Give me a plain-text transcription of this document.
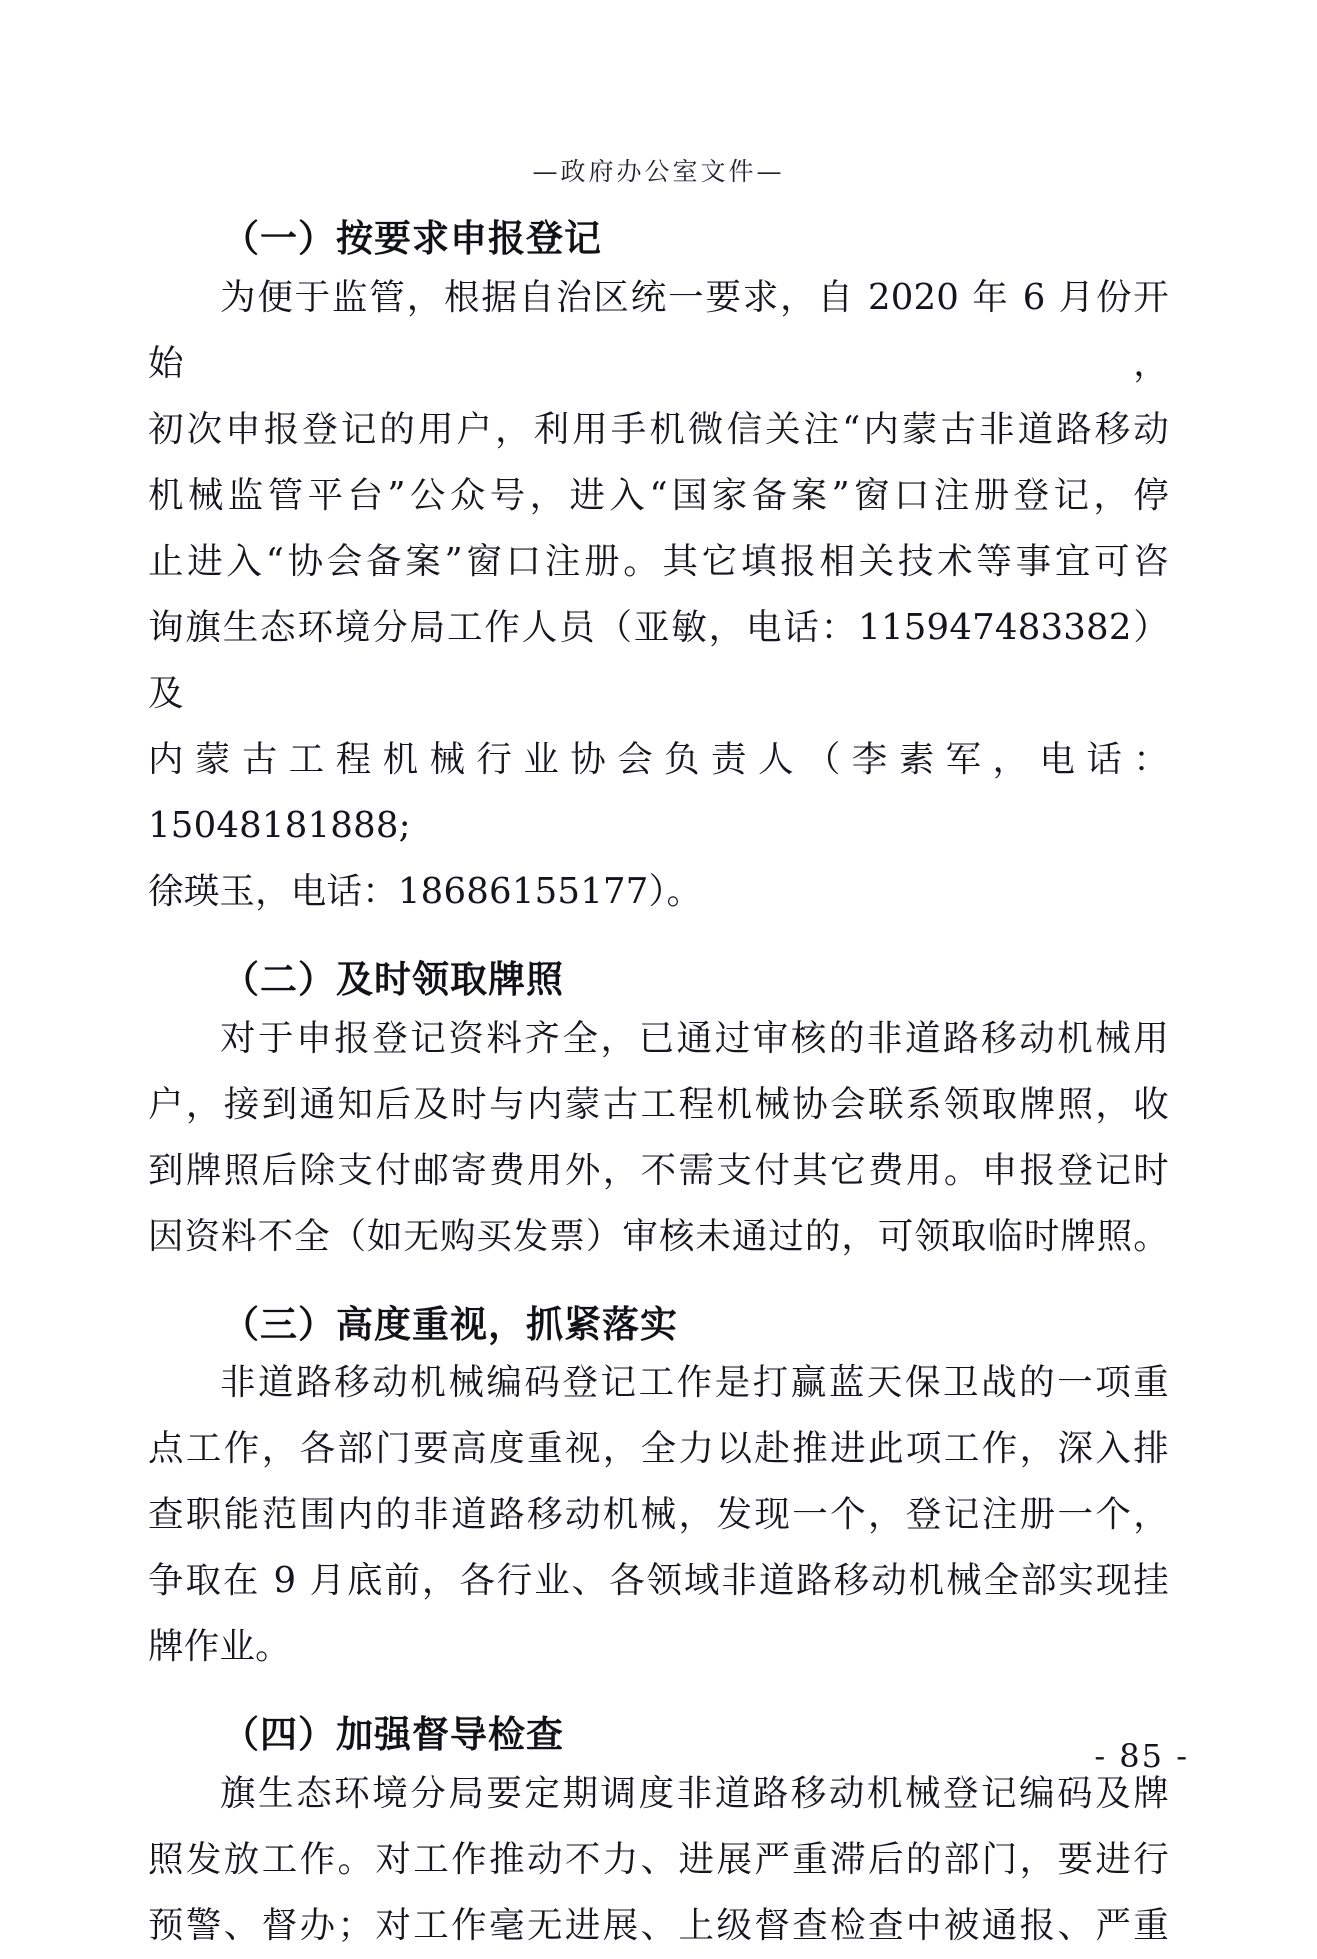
—政府办公室文件—
（一）按要求申报登记
为便于监管，根据自治区统一要求，自 2020 年 6 月份开始，
初次申报登记的用户，利用手机微信关注“内蒙古非道路移动
机械监管平台”公众号，进入“国家备案”窗口注册登记，停
止进入“协会备案”窗口注册。其它填报相关技术等事宜可咨
询旗生态环境分局工作人员（亚敏，电话：115947483382）及
内蒙古工程机械行业协会负责人（李素军，电话：15048181888;
徐瑛玉，电话：18686155177）。
（二）及时领取牌照
对于申报登记资料齐全，已通过审核的非道路移动机械用
户，接到通知后及时与内蒙古工程机械协会联系领取牌照，收
到牌照后除支付邮寄费用外，不需支付其它费用。申报登记时
因资料不全（如无购买发票）审核未通过的，可领取临时牌照。
（三）高度重视，抓紧落实
非道路移动机械编码登记工作是打赢蓝天保卫战的一项重
点工作，各部门要高度重视，全力以赴推进此项工作，深入排
查职能范围内的非道路移动机械，发现一个，登记注册一个，
争取在 9 月底前，各行业、各领域非道路移动机械全部实现挂
牌作业。
（四）加强督导检查
旗生态环境分局要定期调度非道路移动机械登记编码及牌
照发放工作。对工作推动不力、进展严重滞后的部门，要进行
预警、督办；对工作毫无进展、上级督查检查中被通报、严重
- 85 -
